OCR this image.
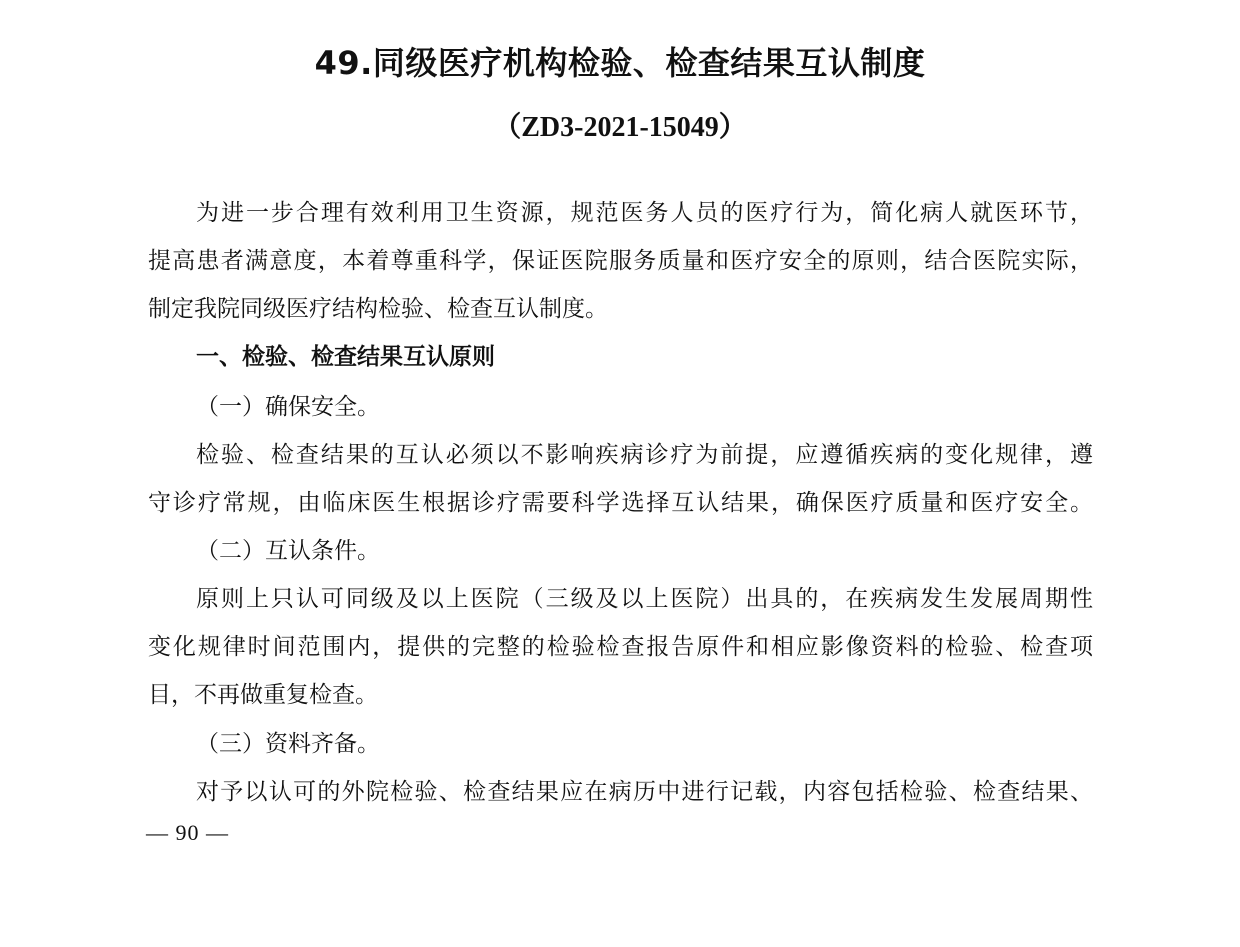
49.同级医疗机构检验、检查结果互认制度
（ZD3-2021-15049）
为进一步合理有效利用卫生资源，规范医务人员的医疗行为，简化病人就医环节，
提高患者满意度，本着尊重科学，保证医院服务质量和医疗安全的原则，结合医院实际，
制定我院同级医疗结构检验、检查互认制度。
一、检验、检查结果互认原则
（一）确保安全。
检验、检查结果的互认必须以不影响疾病诊疗为前提，应遵循疾病的变化规律，遵
守诊疗常规，由临床医生根据诊疗需要科学选择互认结果，确保医疗质量和医疗安全。
（二）互认条件。
原则上只认可同级及以上医院（三级及以上医院）出具的，在疾病发生发展周期性
变化规律时间范围内，提供的完整的检验检查报告原件和相应影像资料的检验、检查项
目，不再做重复检查。
（三）资料齐备。
对予以认可的外院检验、检查结果应在病历中进行记载，内容包括检验、检查结果、
— 90 —
